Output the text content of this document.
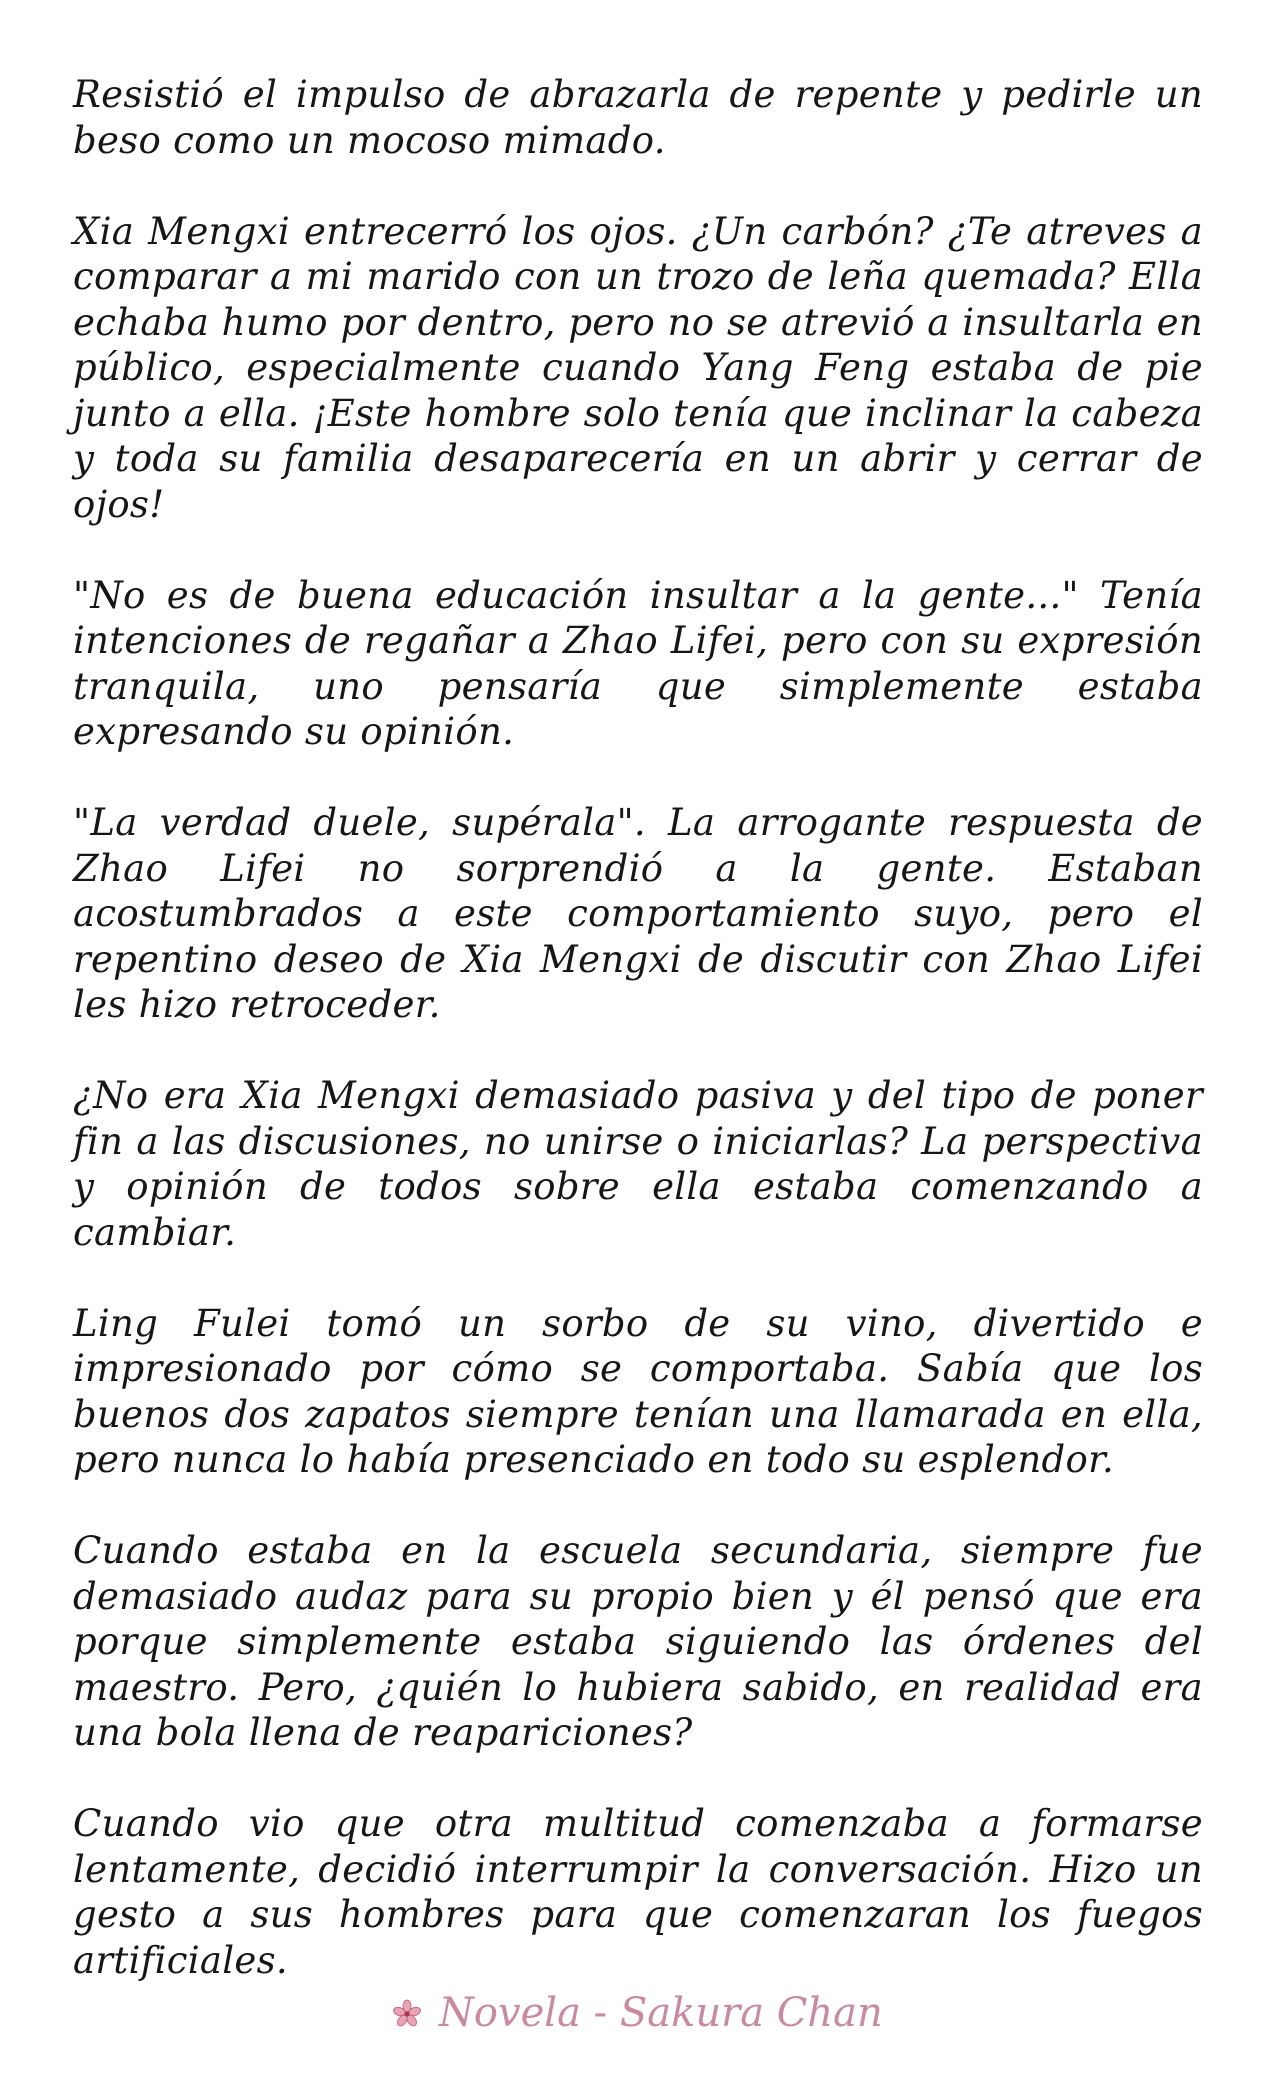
Resistió el impulso de abrazarla de repente y pedirle un beso como un mocoso mimado.

Xia Mengxi entrecerró los ojos. ¿Un carbón? ¿Te atreves a comparar a mi marido con un trozo de leña quemada? Ella echaba humo por dentro, pero no se atrevió a insultarla en público, especialmente cuando Yang Feng estaba de pie junto a ella. ¡Este hombre solo tenía que inclinar la cabeza y toda su familia desaparecería en un abrir y cerrar de ojos!

"No es de buena educación insultar a la gente..." Tenía intenciones de regañar a Zhao Lifei, pero con su expresión tranquila, uno pensaría que simplemente estaba expresando su opinión.

"La verdad duele, supérala". La arrogante respuesta de Zhao Lifei no sorprendió a la gente. Estaban acostumbrados a este comportamiento suyo, pero el repentino deseo de Xia Mengxi de discutir con Zhao Lifei les hizo retroceder.

¿No era Xia Mengxi demasiado pasiva y del tipo de poner fin a las discusiones, no unirse o iniciarlas? La perspectiva y opinión de todos sobre ella estaba comenzando a cambiar.

Ling Fulei tomó un sorbo de su vino, divertido e impresionado por cómo se comportaba. Sabía que los buenos dos zapatos siempre tenían una llamarada en ella, pero nunca lo había presenciado en todo su esplendor.

Cuando estaba en la escuela secundaria, siempre fue demasiado audaz para su propio bien y él pensó que era porque simplemente estaba siguiendo las órdenes del maestro. Pero, ¿quién lo hubiera sabido, en realidad era una bola llena de reapariciones?

Cuando vio que otra multitud comenzaba a formarse lentamente, decidió interrumpir la conversación. Hizo un gesto a sus hombres para que comenzaran los fuegos artificiales.

Novela - Sakura Chan
